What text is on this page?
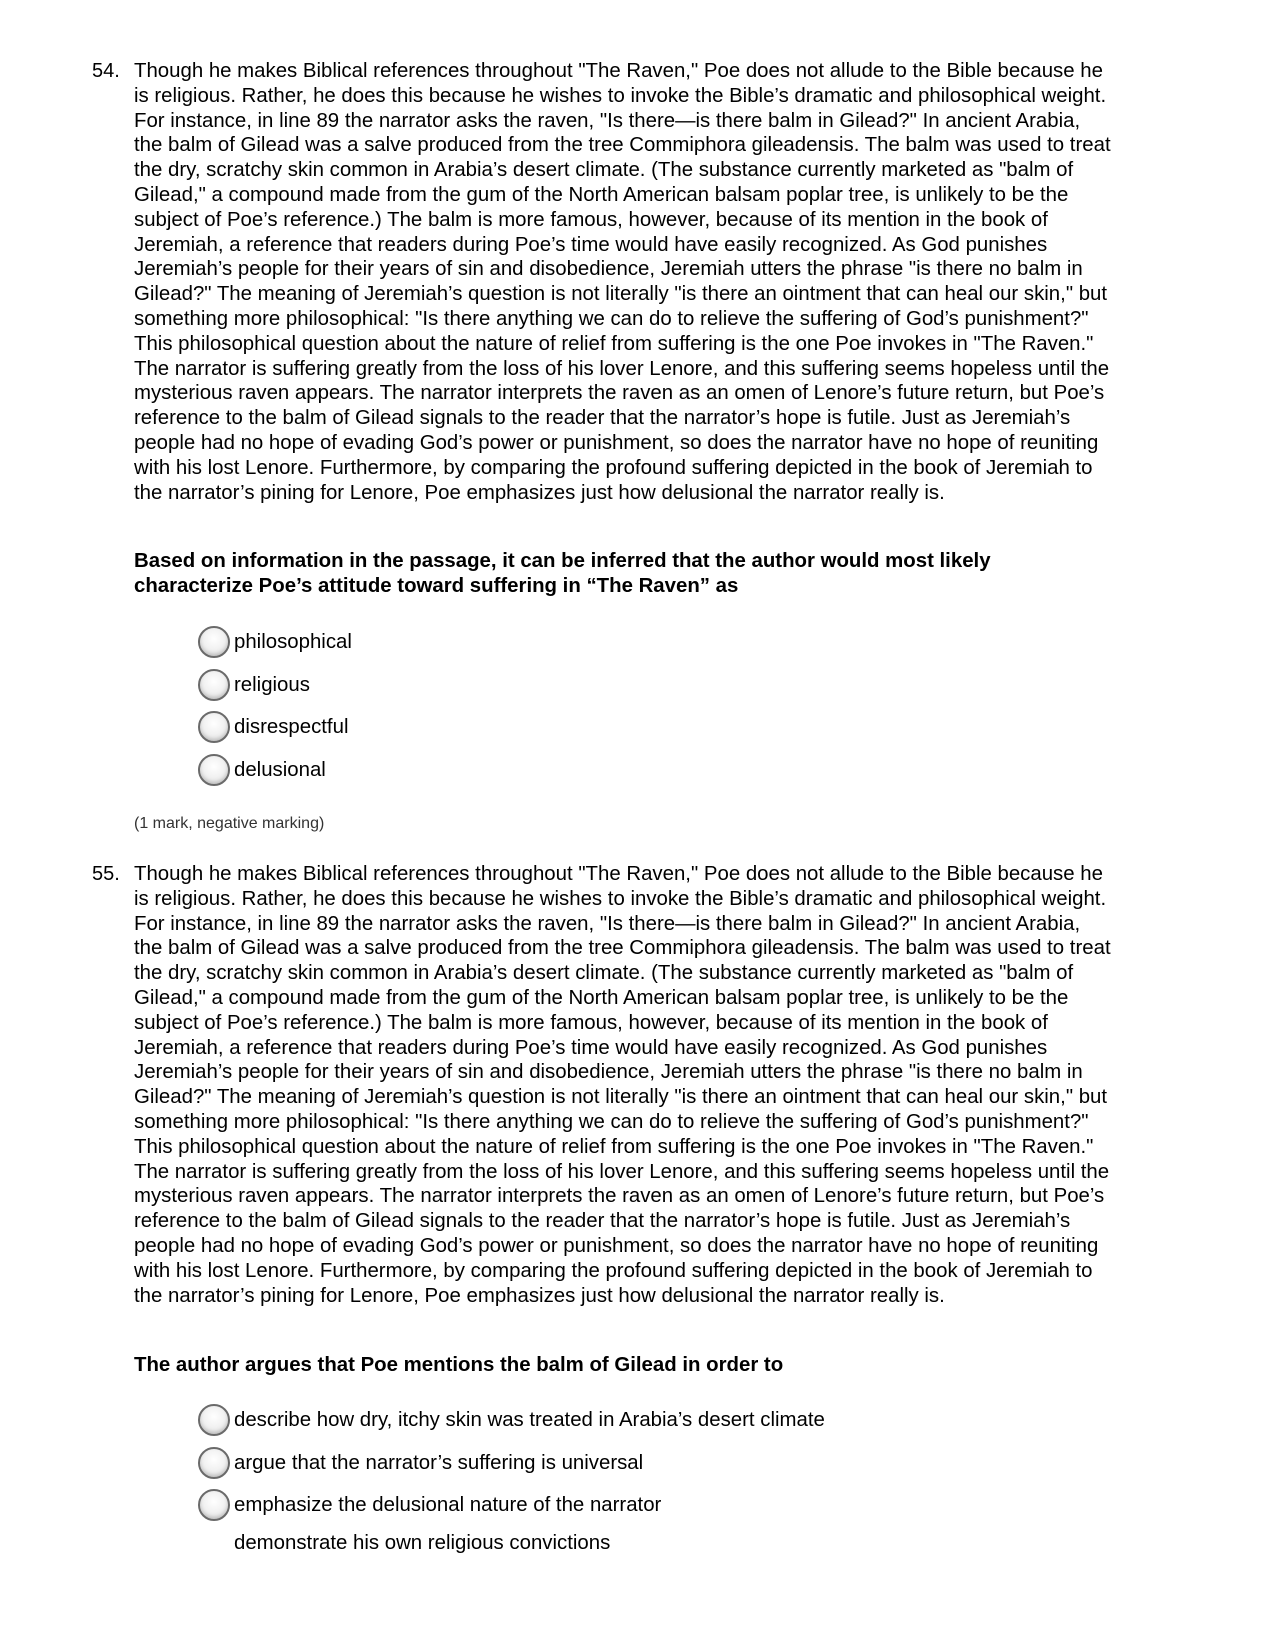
54. Though he makes Biblical references throughout "The Raven," Poe does not allude to the Bible because he
is religious. Rather, he does this because he wishes to invoke the Bible’s dramatic and philosophical weight.
For instance, in line 89 the narrator asks the raven, "Is there—is there balm in Gilead?" In ancient Arabia,
the balm of Gilead was a salve produced from the tree Commiphora gileadensis. The balm was used to treat
the dry, scratchy skin common in Arabia’s desert climate. (The substance currently marketed as "balm of
Gilead," a compound made from the gum of the North American balsam poplar tree, is unlikely to be the
subject of Poe’s reference.) The balm is more famous, however, because of its mention in the book of
Jeremiah, a reference that readers during Poe’s time would have easily recognized. As God punishes
Jeremiah’s people for their years of sin and disobedience, Jeremiah utters the phrase "is there no balm in
Gilead?" The meaning of Jeremiah’s question is not literally "is there an ointment that can heal our skin," but
something more philosophical: "Is there anything we can do to relieve the suffering of God’s punishment?"
This philosophical question about the nature of relief from suffering is the one Poe invokes in "The Raven."
The narrator is suffering greatly from the loss of his lover Lenore, and this suffering seems hopeless until the
mysterious raven appears. The narrator interprets the raven as an omen of Lenore’s future return, but Poe’s
reference to the balm of Gilead signals to the reader that the narrator’s hope is futile. Just as Jeremiah’s
people had no hope of evading God’s power or punishment, so does the narrator have no hope of reuniting
with his lost Lenore. Furthermore, by comparing the profound suffering depicted in the book of Jeremiah to
the narrator’s pining for Lenore, Poe emphasizes just how delusional the narrator really is.
Based on information in the passage, it can be inferred that the author would most likely
characterize Poe’s attitude toward suffering in “The Raven” as
philosophical
religious
disrespectful
delusional
(1 mark, negative marking)
55. Though he makes Biblical references throughout "The Raven," Poe does not allude to the Bible because he
is religious. Rather, he does this because he wishes to invoke the Bible’s dramatic and philosophical weight.
For instance, in line 89 the narrator asks the raven, "Is there—is there balm in Gilead?" In ancient Arabia,
the balm of Gilead was a salve produced from the tree Commiphora gileadensis. The balm was used to treat
the dry, scratchy skin common in Arabia’s desert climate. (The substance currently marketed as "balm of
Gilead," a compound made from the gum of the North American balsam poplar tree, is unlikely to be the
subject of Poe’s reference.) The balm is more famous, however, because of its mention in the book of
Jeremiah, a reference that readers during Poe’s time would have easily recognized. As God punishes
Jeremiah’s people for their years of sin and disobedience, Jeremiah utters the phrase "is there no balm in
Gilead?" The meaning of Jeremiah’s question is not literally "is there an ointment that can heal our skin," but
something more philosophical: "Is there anything we can do to relieve the suffering of God’s punishment?"
This philosophical question about the nature of relief from suffering is the one Poe invokes in "The Raven."
The narrator is suffering greatly from the loss of his lover Lenore, and this suffering seems hopeless until the
mysterious raven appears. The narrator interprets the raven as an omen of Lenore’s future return, but Poe’s
reference to the balm of Gilead signals to the reader that the narrator’s hope is futile. Just as Jeremiah’s
people had no hope of evading God’s power or punishment, so does the narrator have no hope of reuniting
with his lost Lenore. Furthermore, by comparing the profound suffering depicted in the book of Jeremiah to
the narrator’s pining for Lenore, Poe emphasizes just how delusional the narrator really is.
The author argues that Poe mentions the balm of Gilead in order to
describe how dry, itchy skin was treated in Arabia’s desert climate
argue that the narrator’s suffering is universal
emphasize the delusional nature of the narrator
demonstrate his own religious convictions
